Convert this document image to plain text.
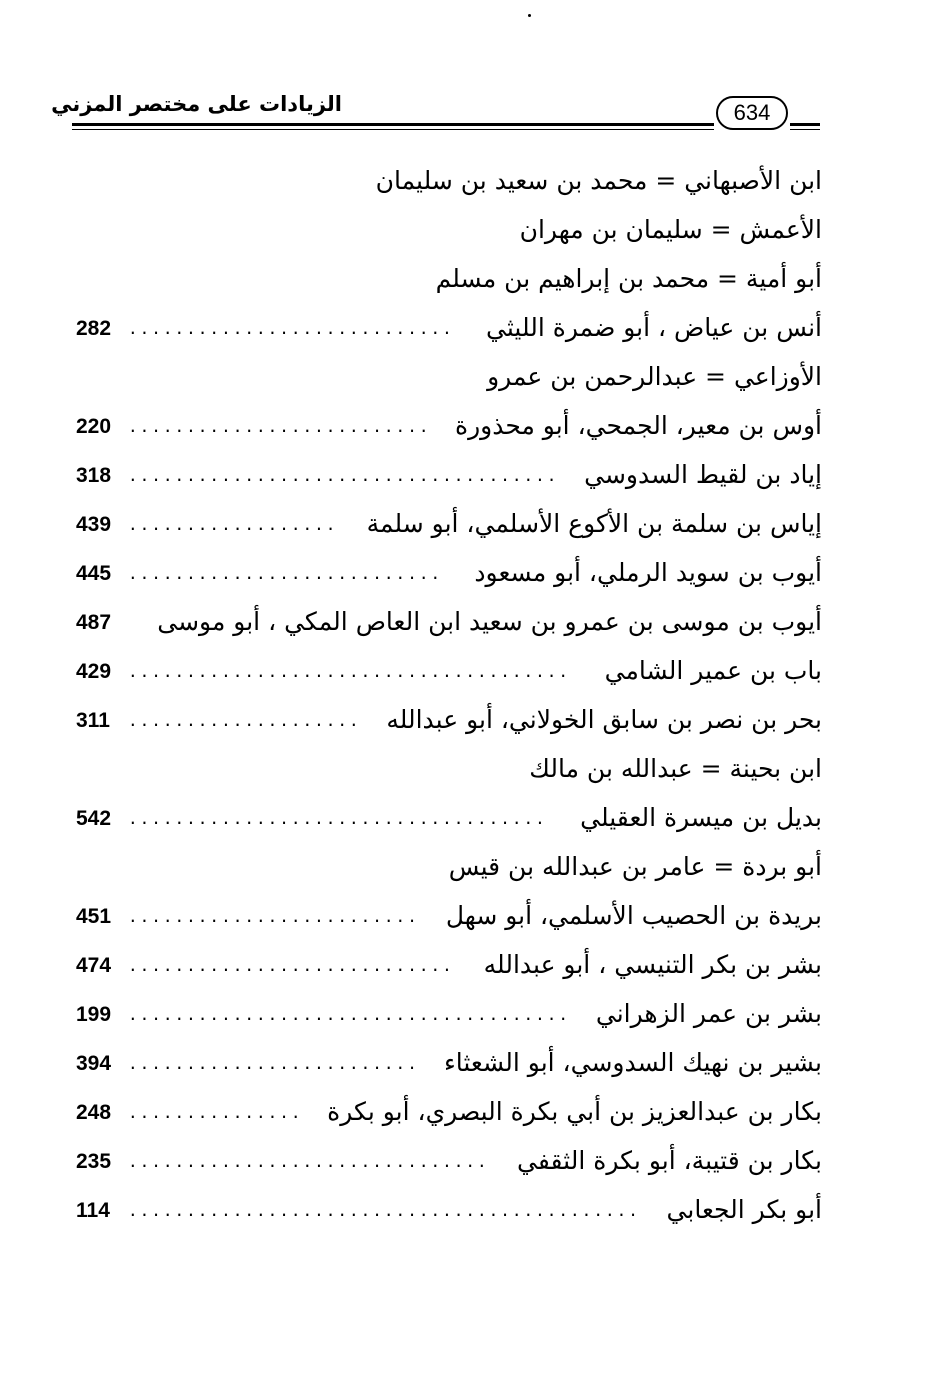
634
الزيادات على مختصر المزني
ابن الأصبهاني = محمد بن سعيد بن سليمان
الأعمش = سليمان بن مهران
أبو أمية = محمد بن إبراهيم بن مسلم
أنس بن عياض ، أبو ضمرة الليثي
282 ............................
الأوزاعي = عبدالرحمن بن عمرو
أوس بن معير، الجمحي، أبو محذورة
220 ..........................
إياد بن لقيط السدوسي
318 .....................................
إياس بن سلمة بن الأكوع الأسلمي، أبو سلمة
439 ..................
أيوب بن سويد الرملي، أبو مسعود
445 ...........................
أيوب بن موسى بن عمرو بن سعيد ابن العاص المكي ، أبو موسى
487
باب بن عمير الشامي
429 ......................................
بحر بن نصر بن سابق الخولاني، أبو عبدالله
311 ....................
ابن بحينة = عبدالله بن مالك
بديل بن ميسرة العقيلي
542 ....................................
أبو بردة = عامر بن عبدالله بن قيس
بريدة بن الحصيب الأسلمي، أبو سهل
451 .........................
بشر بن بكر التنيسي ، أبو عبدالله
474 ............................
بشر بن عمر الزهراني
199 ......................................
بشير بن نهيك السدوسي، أبو الشعثاء
394 .........................
بكار بن عبدالعزيز بن أبي بكرة البصري، أبو بكرة
248 ...............
بكار بن قتيبة، أبو بكرة الثقفي
235 ...............................
أبو بكر الجعابي
114 ............................................
